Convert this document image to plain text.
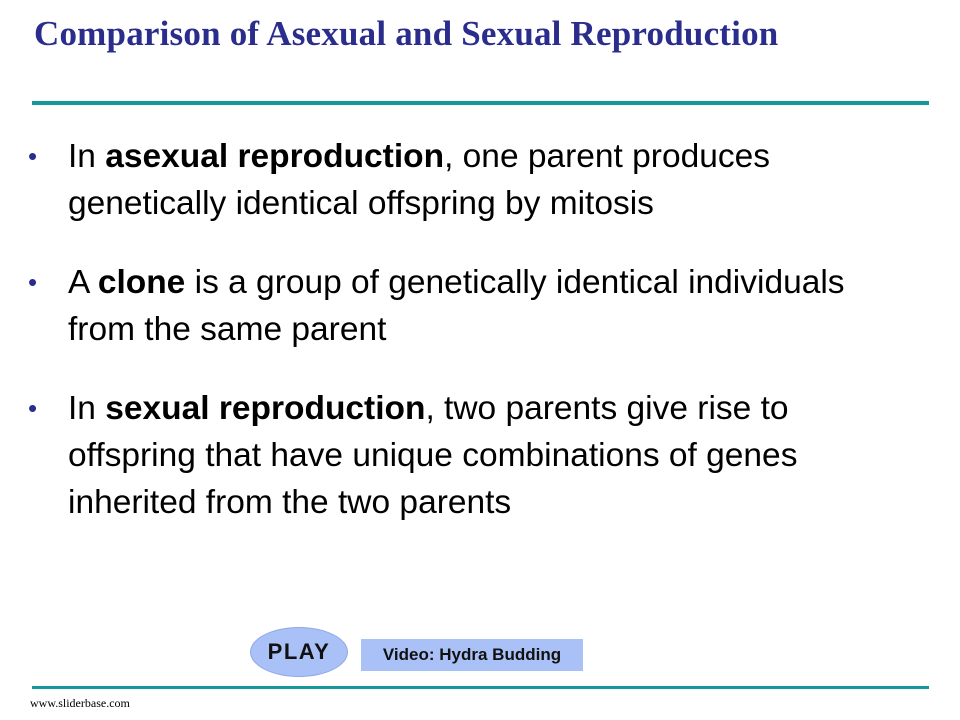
Comparison of Asexual and Sexual Reproduction
• In asexual reproduction, one parent produces genetically identical offspring by mitosis
• A clone is a group of genetically identical individuals from the same parent
• In sexual reproduction, two parents give rise to offspring that have unique combinations of genes inherited from the two parents
PLAY	Video: Hydra Budding
www.sliderbase.com
